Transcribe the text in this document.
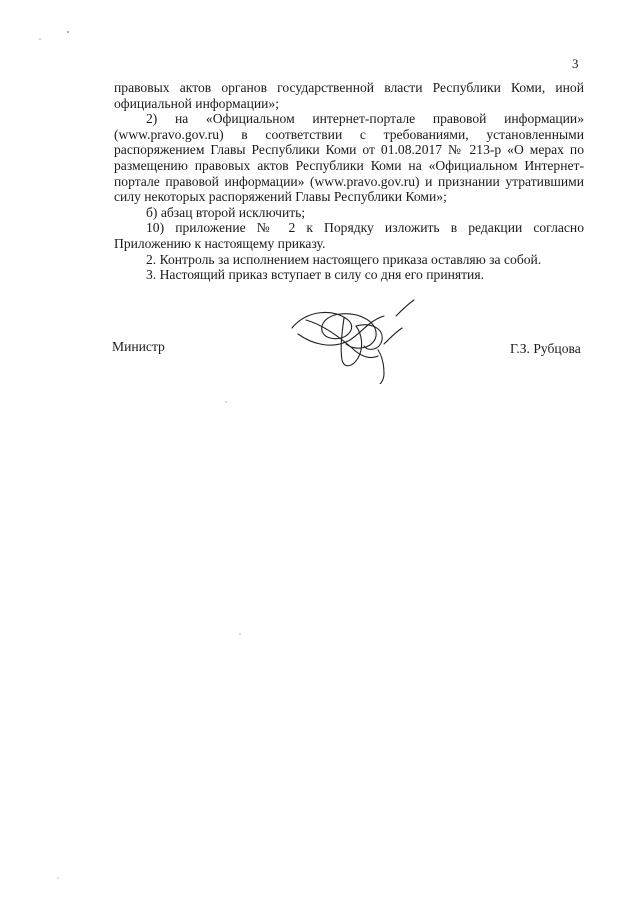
3

правовых актов органов государственной власти Республики Коми, иной официальной информации»;

2) на «Официальном интернет-портале правовой информации» (www.pravo.gov.ru) в соответствии с требованиями, установленными распоряжением Главы Республики Коми от 01.08.2017 № 213-р «О мерах по размещению правовых актов Республики Коми на «Официальном Интернет-портале правовой информации» (www.pravo.gov.ru) и признании утратившими силу некоторых распоряжений Главы Республики Коми»;

б) абзац второй исключить;

10) приложение № 2 к Порядку изложить в редакции согласно Приложению к настоящему приказу.

2. Контроль за исполнением настоящего приказа оставляю за собой.

3. Настоящий приказ вступает в силу со дня его принятия.

Министр	Г.З. Рубцова
